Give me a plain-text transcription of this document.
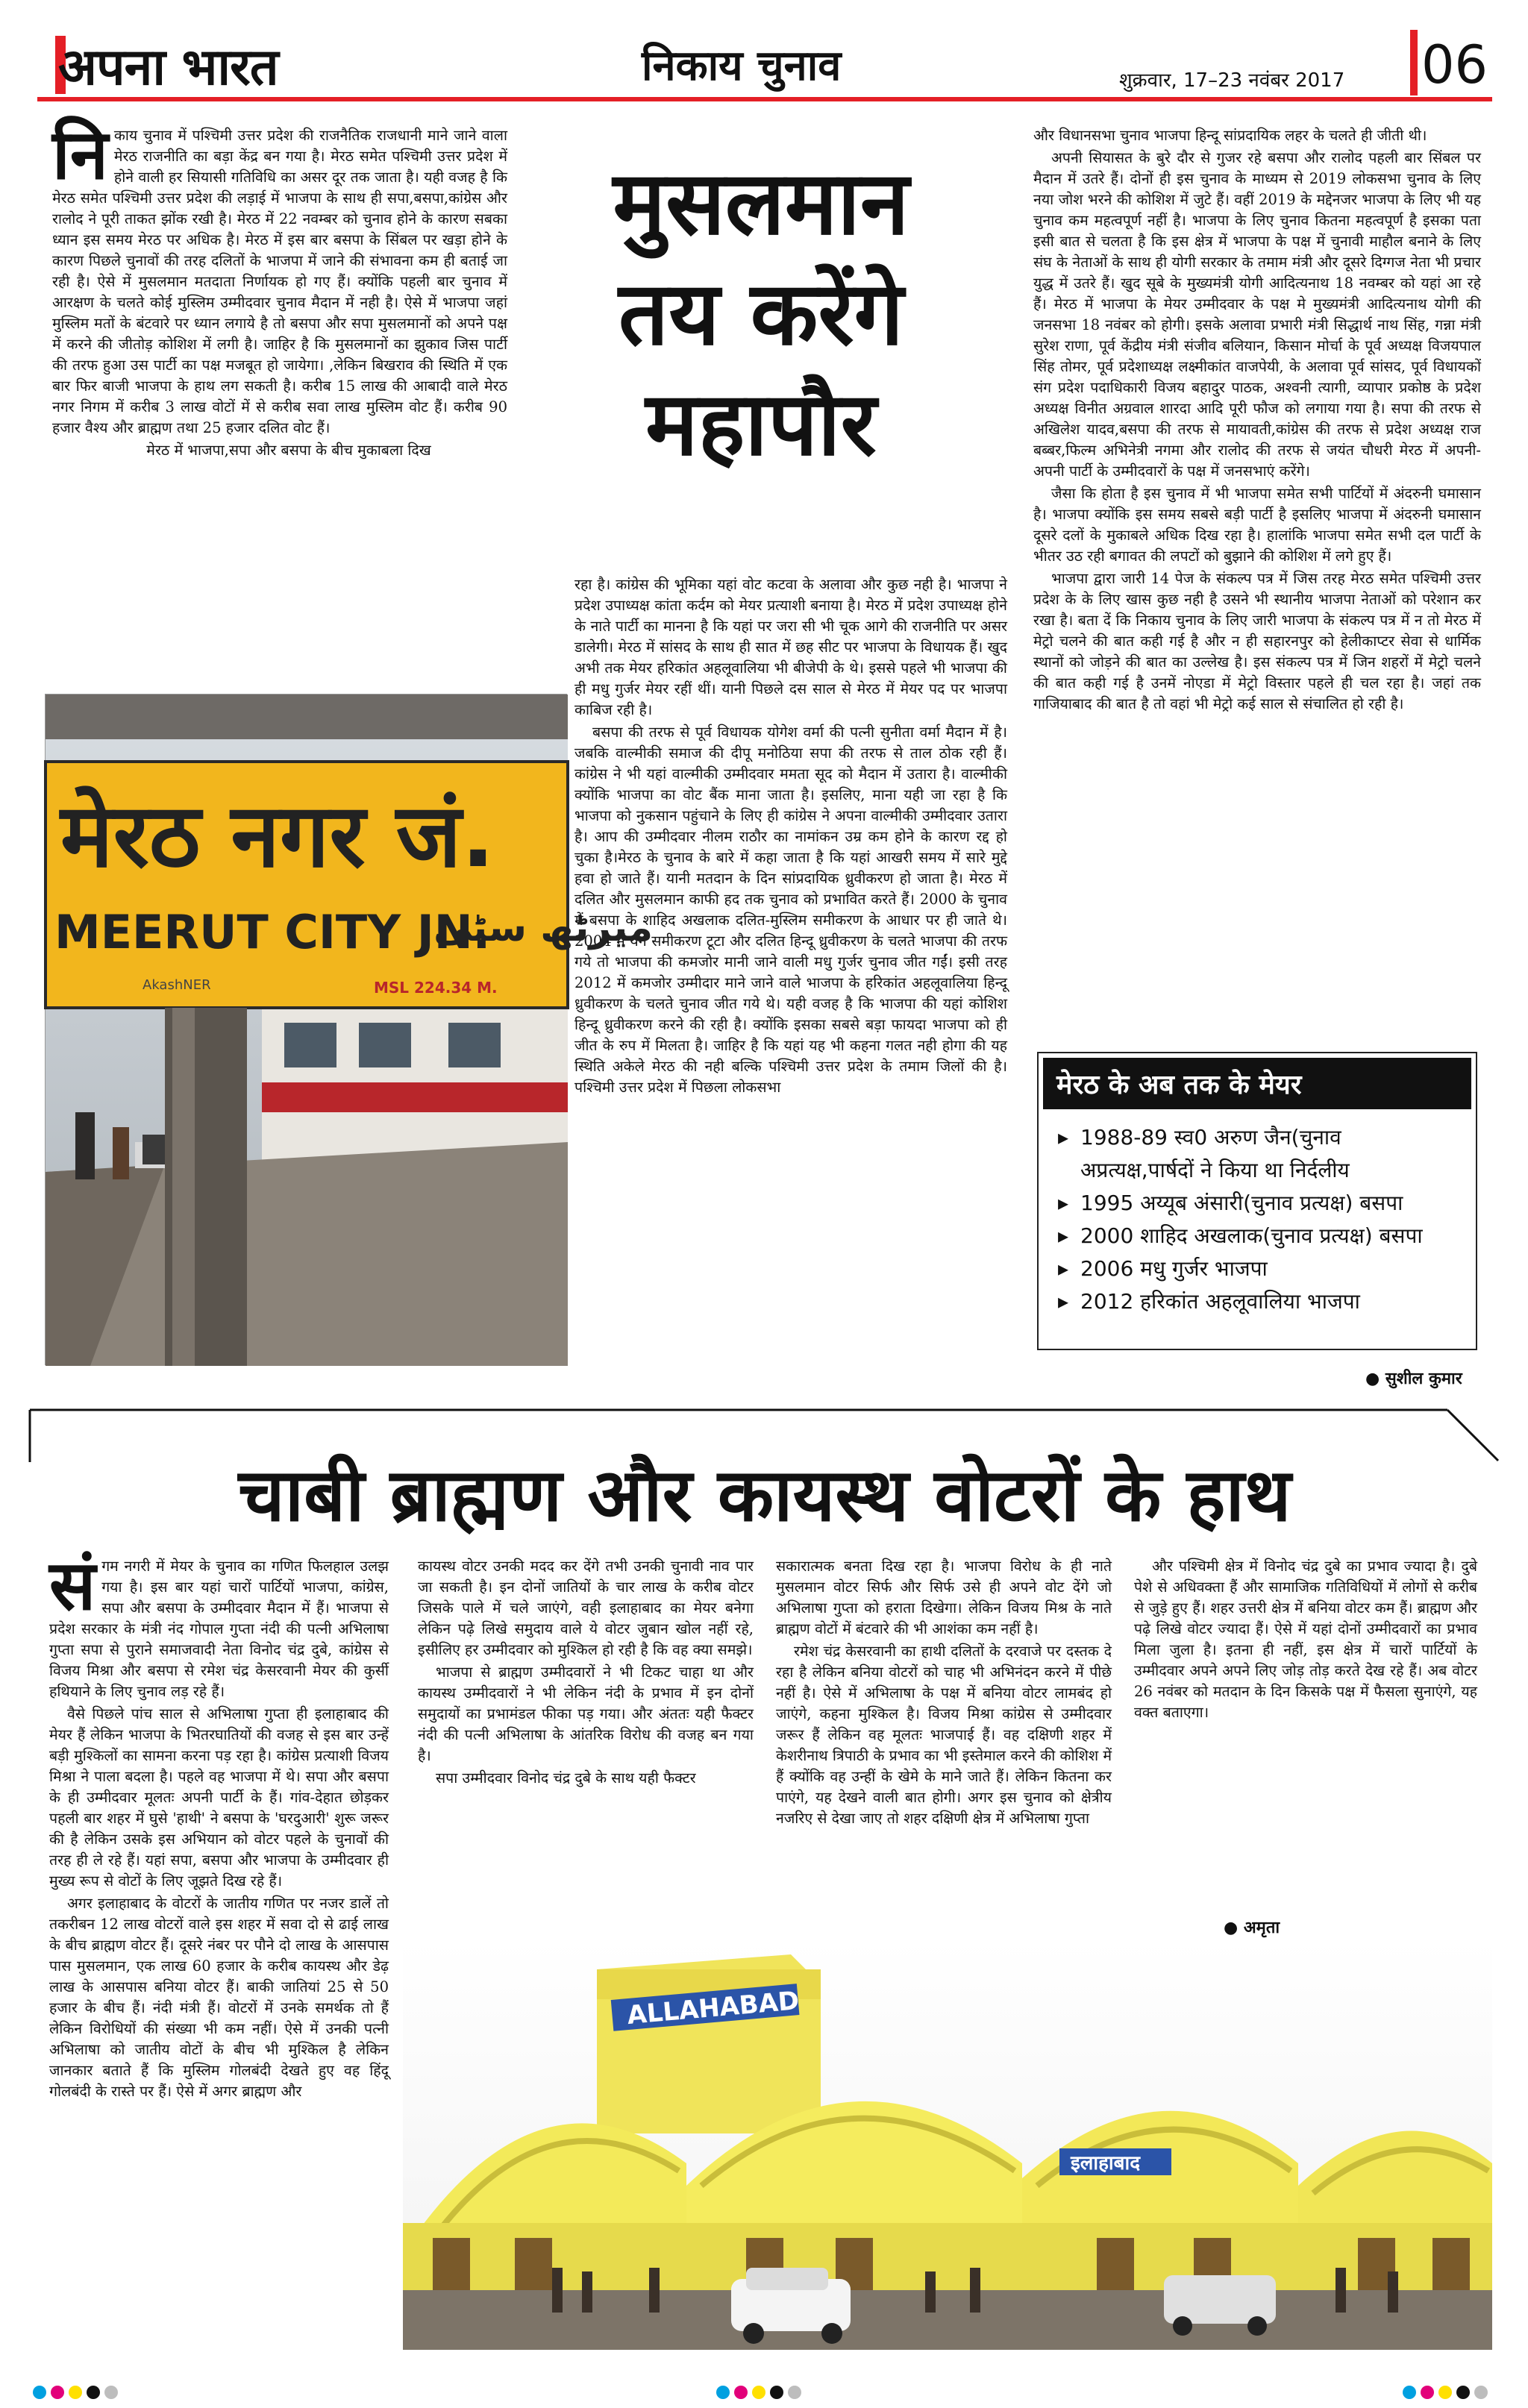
अपना भारत	निकाय चुनाव	शुक्रवार, 17–23 नवंबर 2017 06
नि काय चुनाव में पश्चिमी उत्तर प्रदेश की राजनैतिक राजधानी माने जाने वाला मेरठ राजनीति का बड़ा केंद्र बन गया है। मेरठ समेत पश्चिमी उत्तर प्रदेश में होने वाली हर सियासी गतिविधि का असर दूर तक जाता है। यही वजह है कि मेरठ समेत पश्चिमी उत्तर प्रदेश की लड़ाई में भाजपा के साथ ही सपा,बसपा,कांग्रेस और रालोद ने पूरी ताकत झोंक रखी है। मेरठ में 22 नवम्बर को चुनाव होने के कारण सबका ध्यान इस समय मेरठ पर अधिक है। मेरठ में इस बार बसपा के सिंबल पर खड़ा होने के कारण पिछले चुनावों की तरह दलितों के भाजपा में जाने की संभावना कम ही बताई जा रही है। ऐसे में मुसलमान मतदाता निर्णायक हो गए हैं। क्योंकि पहली बार चुनाव में आरक्षण के चलते कोई मुस्लिम उम्मीदवार चुनाव मैदान में नही है। ऐसे में भाजपा जहां मुस्लिम मतों के बंटवारे पर ध्यान लगाये है तो बसपा और सपा मुसलमानों को अपने पक्ष में करने की जीतोड़ कोशिश में लगी है। जाहिर है कि मुसलमानों का झुकाव जिस पार्टी की तरफ हुआ उस पार्टी का पक्ष मजबूत हो जायेगा। ,लेकिन बिखराव की स्थिति में एक बार फिर बाजी भाजपा के हाथ लग सकती है। करीब 15 लाख की आबादी वाले मेरठ नगर निगम में करीब 3 लाख वोटों में से करीब सवा लाख मुस्लिम वोट हैं। करीब 90 हजार वैश्य और ब्राह्मण तथा 25 हजार दलित वोट हैं।

मेरठ में भाजपा,सपा और बसपा के बीच मुकाबला दिख

मुसलमान तय करेंगे महापौर

रहा है। कांग्रेस की भूमिका यहां वोट कटवा के अलावा और कुछ नही है। भाजपा ने प्रदेश उपाध्यक्ष कांता कर्दम को मेयर प्रत्याशी बनाया है। मेरठ में प्रदेश उपाध्यक्ष होने के नाते पार्टी का मानना है कि यहां पर जरा सी भी चूक आगे की राजनीति पर असर डालेगी। मेरठ में सांसद के साथ ही सात में छह सीट पर भाजपा के विधायक हैं। खुद अभी तक मेयर हरिकांत अहलूवालिया भी बीजेपी के थे। इससे पहले भी भाजपा की ही मधु गुर्जर मेयर रहीं थीं। यानी पिछले दस साल से मेरठ में मेयर पद पर भाजपा काबिज रही है।

बसपा की तरफ से पूर्व विधायक योगेश वर्मा की पत्नी सुनीता वर्मा मैदान में है। जबकि वाल्मीकी समाज की दीपू मनोठिया सपा की तरफ से ताल ठोक रही हैं। कांग्रेस ने भी यहां वाल्मीकी उम्मीदवार ममता सूद को मैदान में उतारा है। वाल्मीकी क्योंकि भाजपा का वोट बैंक माना जाता है। इसलिए, माना यही जा रहा है कि भाजपा को नुकसान पहुंचाने के लिए ही कांग्रेस ने अपना वाल्मीकी उम्मीदवार उतारा है। आप की उम्मीदवार नीलम राठौर का नामांकन उम्र कम होने के कारण रद्द हो चुका है।मेरठ के चुनाव के बारे में कहा जाता है कि यहां आखरी समय में सारे मुद्दे हवा हो जाते हैं। यानी मतदान के दिन सांप्रदायिक ध्रुवीकरण हो जाता है। मेरठ में दलित और मुसलमान काफी हद तक चुनाव को प्रभावित करते हैं। 2000 के चुनाव में बसपा के शाहिद अखलाक दलित-मुस्लिम समीकरण के आधार पर ही जाते थे। 2004 में यग समीकरण टूटा और दलित हिन्दू ध्रुवीकरण के चलते भाजपा की तरफ गये तो भाजपा की कमजोर मानी जाने वाली मधु गुर्जर चुनाव जीत गईं। इसी तरह 2012 में कमजोर उम्मीदार माने जाने वाले भाजपा के हरिकांत अहलूवालिया हिन्दू ध्रुवीकरण के चलते चुनाव जीत गये थे। यही वजह है कि भाजपा की यहां कोशिश हिन्दू ध्रुवीकरण करने की रही है। क्योंकि इसका सबसे बड़ा फायदा भाजपा को ही जीत के रुप में मिलता है। जाहिर है कि यहां यह भी कहना गलत नही होगा की यह स्थिति अकेले मेरठ की नही बल्कि पश्चिमी उत्तर प्रदेश के तमाम जिलों की है। पश्चिमी उत्तर प्रदेश में पिछला लोकसभा

और विधानसभा चुनाव भाजपा हिन्दू सांप्रदायिक लहर के चलते ही जीती थी।

अपनी सियासत के बुरे दौर से गुजर रहे बसपा और रालोद पहली बार सिंबल पर मैदान में उतरे हैं। दोनों ही इस चुनाव के माध्यम से 2019 लोकसभा चुनाव के लिए नया जोश भरने की कोशिश में जुटे हैं। वहीं 2019 के मद्देनजर भाजपा के लिए भी यह चुनाव कम महत्वपूर्ण नहीं है। भाजपा के लिए चुनाव कितना महत्वपूर्ण है इसका पता इसी बात से चलता है कि इस क्षेत्र में भाजपा के पक्ष में चुनावी माहौल बनाने के लिए संघ के नेताओं के साथ ही योगी सरकार के तमाम मंत्री और दूसरे दिग्गज नेता भी प्रचार युद्ध में उतरे हैं। खुद सूबे के मुख्यमंत्री योगी आदित्यनाथ 18 नवम्बर को यहां आ रहे हैं। मेरठ में भाजपा के मेयर उम्मीदवार के पक्ष मे मुख्यमंत्री आदित्यनाथ योगी की जनसभा 18 नवंबर को होगी। इसके अलावा प्रभारी मंत्री सिद्धार्थ नाथ सिंह, गन्ना मंत्री सुरेश राणा, पूर्व केंद्रीय मंत्री संजीव बलियान, किसान मोर्चा के पूर्व अध्यक्ष विजयपाल सिंह तोमर, पूर्व प्रदेशाध्यक्ष लक्ष्मीकांत वाजपेयी, के अलावा पूर्व सांसद, पूर्व विधायकों संग प्रदेश पदाधिकारी विजय बहादुर पाठक, अश्वनी त्यागी, व्यापार प्रकोष्ठ के प्रदेश अध्यक्ष विनीत अग्रवाल शारदा आदि पूरी फौज को लगाया गया है। सपा की तरफ से अखिलेश यादव,बसपा की तरफ से मायावती,कांग्रेस की तरफ से प्रदेश अध्यक्ष राज बब्बर,फिल्म अभिनेत्री नगमा और रालोद की तरफ से जयंत चौधरी मेरठ में अपनी-अपनी पार्टी के उम्मीदवारों के पक्ष में जनसभाएं करेंगे।

जैसा कि होता है इस चुनाव में भी भाजपा समेत सभी पार्टियों में अंदरुनी घमासान है। भाजपा क्योंकि इस समय सबसे बड़ी पार्टी है इसलिए भाजपा में अंदरुनी घमासान दूसरे दलों के मुकाबले अधिक दिख रहा है। हालांकि भाजपा समेत सभी दल पार्टी के भीतर उठ रही बगावत की लपटों को बुझाने की कोशिश में लगे हुए हैं।

भाजपा द्वारा जारी 14 पेज के संकल्प पत्र में जिस तरह मेरठ समेत पश्चिमी उत्तर प्रदेश के के लिए खास कुछ नही है उसने भी स्थानीय भाजपा नेताओं को परेशान कर रखा है। बता दें कि निकाय चुनाव के लिए जारी भाजपा के संकल्प पत्र में न तो मेरठ में मेट्रो चलने की बात कही गई है और न ही सहारनपुर को हेलीकाप्टर सेवा से धार्मिक स्थानों को जोड़ने की बात का उल्लेख है। इस संकल्प पत्र में जिन शहरों में मेट्रो चलने की बात कही गई है उनमें नोएडा में मेट्रो विस्तार पहले ही चल रहा है। जहां तक गाजियाबाद की बात है तो वहां भी मेट्रो कई साल से संचालित हो रही है।

मेरठ नगर जं.
MEERUT CITY JN.
میرٹھ سٹی
MSL 224.34 M.
AkashNER
मेरठ के अब तक के मेयर
▸ 1988-89 स्व0 अरुण जैन(चुनाव अप्रत्यक्ष,पार्षदों ने किया था निर्दलीय
▸ 1995 अय्यूब अंसारी(चुनाव प्रत्यक्ष) बसपा
▸ 2000 शाहिद अखलाक(चुनाव प्रत्यक्ष) बसपा
▸ 2006 मधु गुर्जर भाजपा
▸ 2012 हरिकांत अहलूवालिया भाजपा
● सुशील कुमार
चाबी ब्राह्मण और कायस्थ वोटरों के हाथ
सं गम नगरी में मेयर के चुनाव का गणित फिलहाल उलझ गया है। इस बार यहां चारों पार्टियों भाजपा, कांग्रेस, सपा और बसपा के उम्मीदवार मैदान में हैं। भाजपा से प्रदेश सरकार के मंत्री नंद गोपाल गुप्ता नंदी की पत्नी अभिलाषा गुप्ता सपा से पुराने समाजवादी नेता विनोद चंद्र दुबे, कांग्रेस से विजय मिश्रा और बसपा से रमेश चंद्र केसरवानी मेयर की कुर्सी हथियाने के लिए चुनाव लड़ रहे हैं।

वैसे पिछले पांच साल से अभिलाषा गुप्ता ही इलाहाबाद की मेयर हैं लेकिन भाजपा के भितरघातियों की वजह से इस बार उन्हें बड़ी मुश्किलों का सामना करना पड़ रहा है। कांग्रेस प्रत्याशी विजय मिश्रा ने पाला बदला है। पहले वह भाजपा में थे। सपा और बसपा के ही उम्मीदवार मूलतः अपनी पार्टी के हैं। गांव-देहात छोड़कर पहली बार शहर में घुसे 'हाथी' ने बसपा के 'घरदुआरी' शुरू जरूर की है लेकिन उसके इस अभियान को वोटर पहले के चुनावों की तरह ही ले रहे हैं। यहां सपा, बसपा और भाजपा के उम्मीदवार ही मुख्य रूप से वोटों के लिए जूझते दिख रहे हैं।

अगर इलाहाबाद के वोटरों के जातीय गणित पर नजर डालें तो तकरीबन 12 लाख वोटरों वाले इस शहर में सवा दो से ढाई लाख के बीच ब्राह्मण वोटर हैं। दूसरे नंबर पर पौने दो लाख के आसपास पास मुसलमान, एक लाख 60 हजार के करीब कायस्थ और डेढ़ लाख के आसपास बनिया वोटर हैं। बाकी जातियां 25 से 50 हजार के बीच हैं। नंदी मंत्री हैं। वोटरों में उनके समर्थक तो हैं लेकिन विरोधियों की संख्या भी कम नहीं। ऐसे में उनकी पत्नी अभिलाषा को जातीय वोटों के बीच भी मुश्किल है लेकिन जानकार बताते हैं कि मुस्लिम गोलबंदी देखते हुए वह हिंदू गोलबंदी के रास्ते पर हैं। ऐसे में अगर ब्राह्मण और

कायस्थ वोटर उनकी मदद कर देंगे तभी उनकी चुनावी नाव पार जा सकती है। इन दोनों जातियों के चार लाख के करीब वोटर जिसके पाले में चले जाएंगे, वही इलाहाबाद का मेयर बनेगा लेकिन पढ़े लिखे समुदाय वाले ये वोटर जुबान खोल नहीं रहे, इसीलिए हर उम्मीदवार को मुश्किल हो रही है कि वह क्या समझे।

भाजपा से ब्राह्मण उम्मीदवारों ने भी टिकट चाहा था और कायस्थ उम्मीदवारों ने भी लेकिन नंदी के प्रभाव में इन दोनों समुदायों का प्रभामंडल फीका पड़ गया। और अंततः यही फैक्टर नंदी की पत्नी अभिलाषा के आंतरिक विरोध की वजह बन गया है।

सपा उम्मीदवार विनोद चंद्र दुबे के साथ यही फैक्टर

सकारात्मक बनता दिख रहा है। भाजपा विरोध के ही नाते मुसलमान वोटर सिर्फ और सिर्फ उसे ही अपने वोट देंगे जो अभिलाषा गुप्ता को हराता दिखेगा। लेकिन विजय मिश्र के नाते ब्राह्मण वोटों में बंटवारे की भी आशंका कम नहीं है।

रमेश चंद्र केसरवानी का हाथी दलितों के दरवाजे पर दस्तक दे रहा है लेकिन बनिया वोटरों को चाह भी अभिनंदन करने में पीछे नहीं है। ऐसे में अभिलाषा के पक्ष में बनिया वोटर लामबंद हो जाएंगे, कहना मुश्किल है। विजय मिश्रा कांग्रेस से उम्मीदवार जरूर हैं लेकिन वह मूलतः भाजपाई हैं। वह दक्षिणी शहर में केशरीनाथ त्रिपाठी के प्रभाव का भी इस्तेमाल करने की कोशिश में हैं क्योंकि वह उन्हीं के खेमे के माने जाते हैं। लेकिन कितना कर पाएंगे, यह देखने वाली बात होगी। अगर इस चुनाव को क्षेत्रीय नजरिए से देखा जाए तो शहर दक्षिणी क्षेत्र में अभिलाषा गुप्ता

और पश्चिमी क्षेत्र में विनोद चंद्र दुबे का प्रभाव ज्यादा है। दुबे पेशे से अधिवक्ता हैं और सामाजिक गतिविधियों में लोगों से करीब से जुड़े हुए हैं। शहर उत्तरी क्षेत्र में बनिया वोटर कम हैं। ब्राह्मण और पढ़े लिखे वोटर ज्यादा हैं। ऐसे में यहां दोनों उम्मीदवारों का प्रभाव मिला जुला है। इतना ही नहीं, इस क्षेत्र में चारों पार्टियों के उम्मीदवार अपने अपने लिए जोड़ तोड़ करते देख रहे हैं। अब वोटर 26 नवंबर को मतदान के दिन किसके पक्ष में फैसला सुनाएंगे, यह वक्त बताएगा।

● अमृता
ALLAHABAD
इलाहाबाद
